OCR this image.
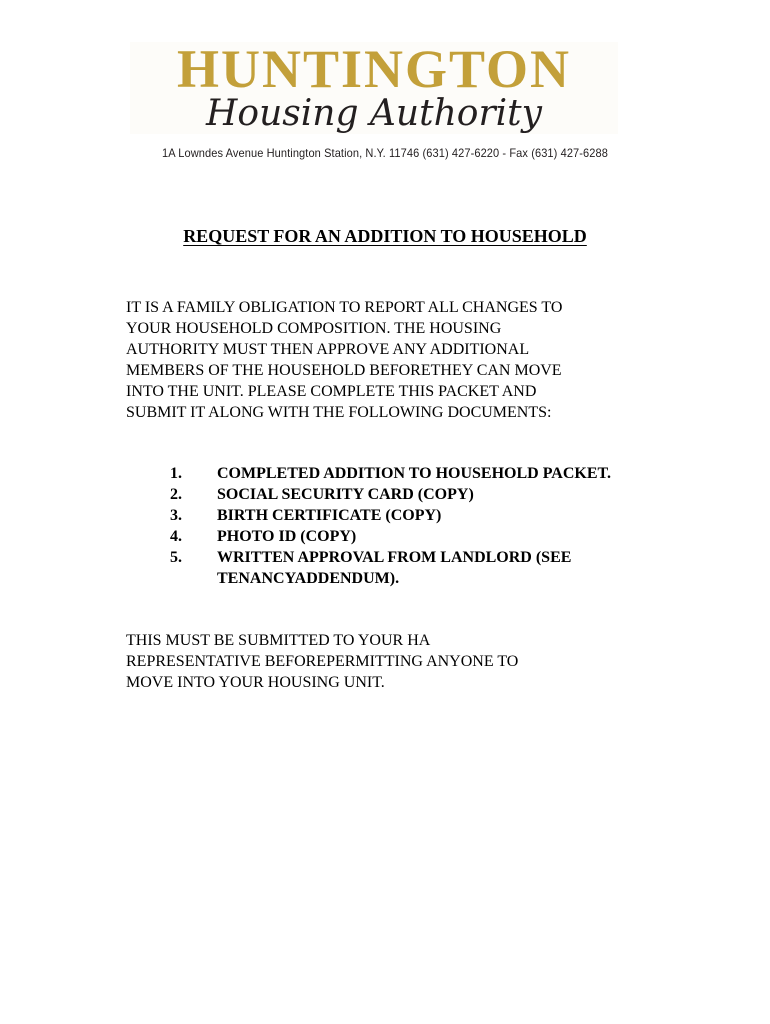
HUNTINGTON
Housing Authority
1A Lowndes Avenue Huntington Station, N.Y. 11746 (631) 427-6220 - Fax (631) 427-6288
REQUEST FOR AN ADDITION TO HOUSEHOLD
IT IS A FAMILY OBLIGATION TO REPORT ALL CHANGES TO
YOUR HOUSEHOLD COMPOSITION. THE HOUSING
AUTHORITY MUST THEN APPROVE ANY ADDITIONAL
MEMBERS OF THE HOUSEHOLD BEFORETHEY CAN MOVE
INTO THE UNIT. PLEASE COMPLETE THIS PACKET AND
SUBMIT IT ALONG WITH THE FOLLOWING DOCUMENTS:
1. COMPLETED ADDITION TO HOUSEHOLD PACKET.
2. SOCIAL SECURITY CARD (COPY)
3. BIRTH CERTIFICATE (COPY)
4. PHOTO ID (COPY)
5. WRITTEN APPROVAL FROM LANDLORD (SEE
TENANCYADDENDUM).
THIS MUST BE SUBMITTED TO YOUR HA
REPRESENTATIVE BEFOREPERMITTING ANYONE TO
MOVE INTO YOUR HOUSING UNIT.
